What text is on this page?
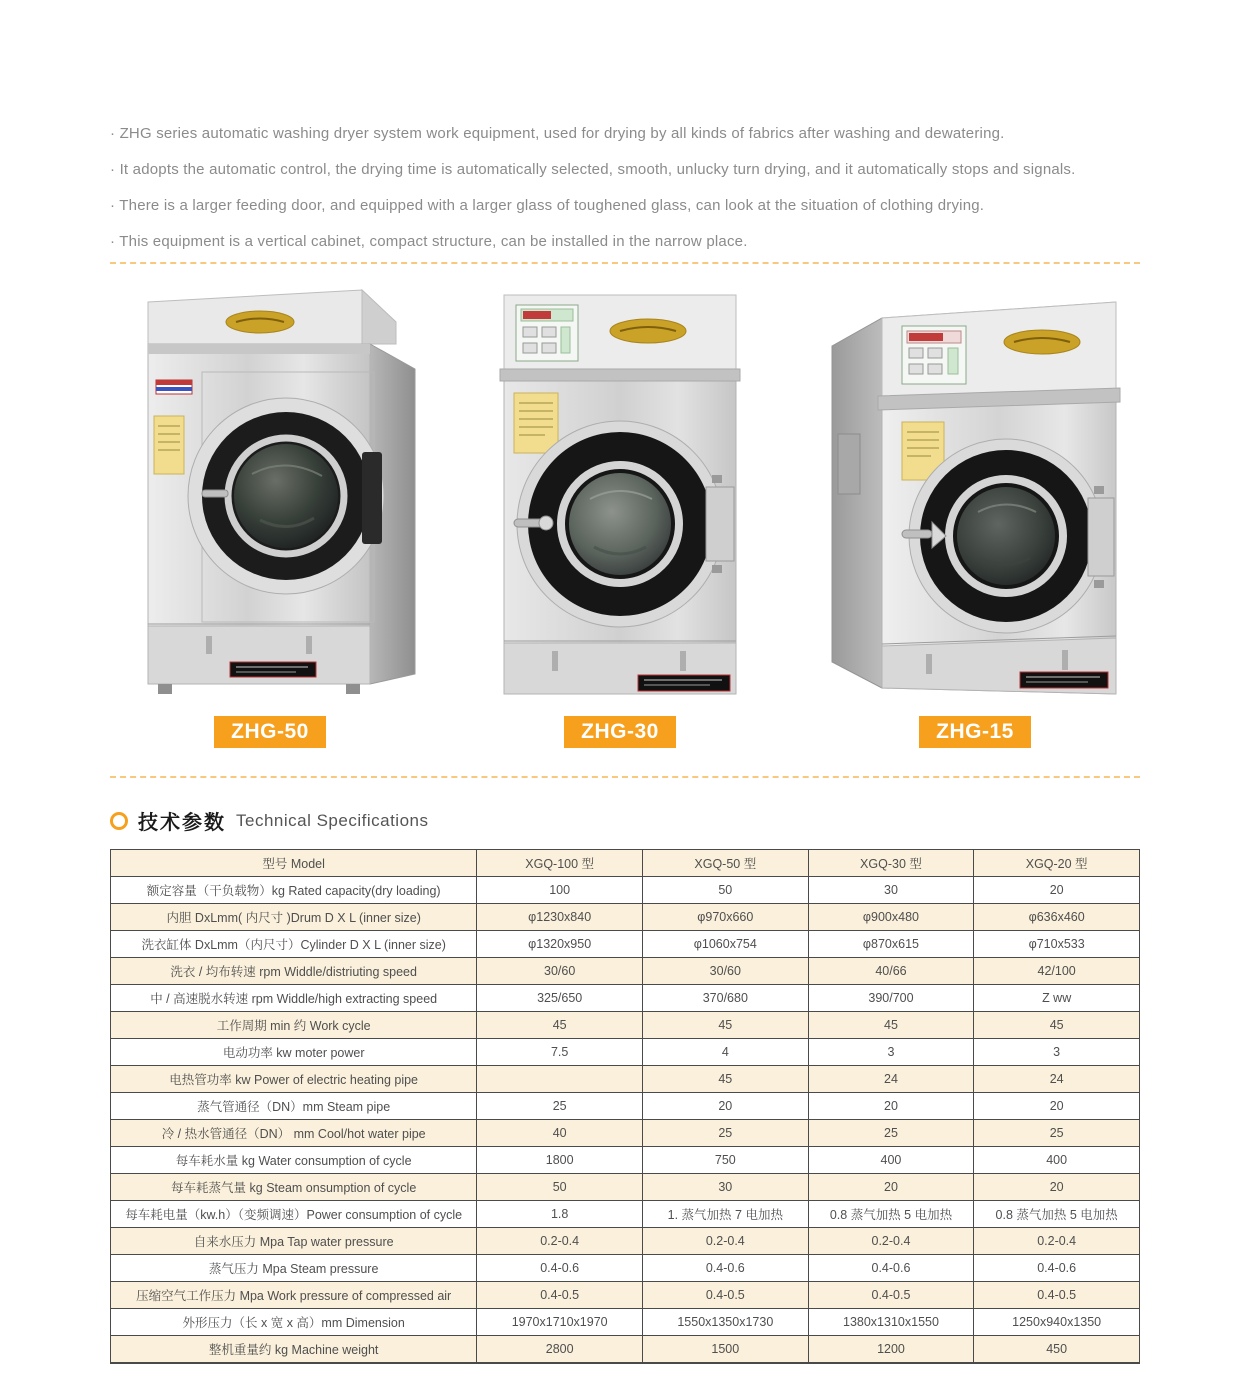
· ZHG series automatic washing dryer system work equipment, used for drying by all kinds of fabrics after washing and dewatering.
· It adopts the automatic control, the drying time is automatically selected, smooth, unlucky turn drying, and it automatically stops and signals.
· There is a larger feeding door, and equipped with a larger glass of toughened glass, can look at the situation of clothing drying.
· This equipment is a vertical cabinet, compact structure, can be installed in the narrow place.
ZHG-50	ZHG-30	ZHG-15
技术参数 Technical Specifications
型号 Model	XGQ-100 型	XGQ-50 型	XGQ-30 型	XGQ-20 型
额定容量（干负载物）kg Rated capacity(dry loading)	100	50	30	20
内胆 DxLmm( 内尺寸 )Drum D X L (inner size)	φ1230x840	φ970x660	φ900x480	φ636x460
洗衣缸体 DxLmm（内尺寸）Cylinder D X L (inner size)	φ1320x950	φ1060x754	φ870x615	φ710x533
洗衣 / 均布转速 rpm Widdle/distriuting speed	30/60	30/60	40/66	42/100
中 / 高速脱水转速 rpm Widdle/high extracting speed	325/650	370/680	390/700	Z ww
工作周期 min 约 Work cycle	45	45	45	45
电动功率 kw moter power	7.5	4	3	3
电热管功率 kw Power of electric heating pipe		45	24	24
蒸气管通径（DN）mm Steam pipe	25	20	20	20
冷 / 热水管通径（DN） mm Cool/hot water pipe	40	25	25	25
每车耗水量 kg Water consumption of cycle	1800	750	400	400
每车耗蒸气量 kg Steam onsumption of cycle	50	30	20	20
每车耗电量（kw.h）（变频调速）Power consumption of cycle	1.8	1. 蒸气加热 7 电加热	0.8 蒸气加热 5 电加热	0.8 蒸气加热 5 电加热
自来水压力 Mpa Tap water pressure	0.2-0.4	0.2-0.4	0.2-0.4	0.2-0.4
蒸气压力 Mpa Steam pressure	0.4-0.6	0.4-0.6	0.4-0.6	0.4-0.6
压缩空气工作压力 Mpa Work pressure of compressed air	0.4-0.5	0.4-0.5	0.4-0.5	0.4-0.5
外形压力（长 x 宽 x 高）mm Dimension	1970x1710x1970	1550x1350x1730	1380x1310x1550	1250x940x1350
整机重量约 kg Machine weight	2800	1500	1200	450
